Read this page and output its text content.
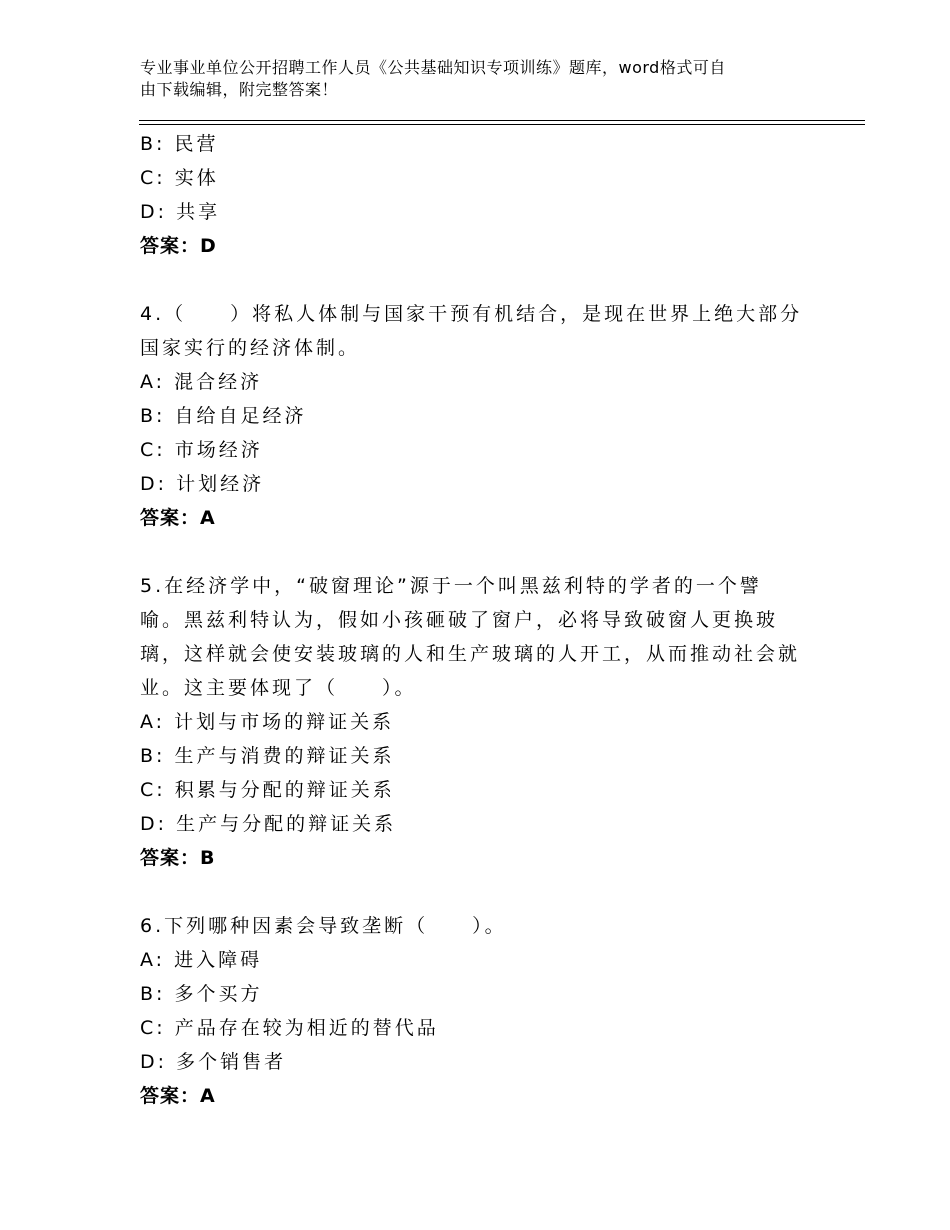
专业事业单位公开招聘工作人员《公共基础知识专项训练》题库，word格式可自
由下载编辑，附完整答案！
B: 民营
C: 实体
D: 共享
答案：D
4.（　　）将私人体制与国家干预有机结合，是现在世界上绝大部分
国家实行的经济体制。
A: 混合经济
B: 自给自足经济
C: 市场经济
D: 计划经济
答案：A
5.在经济学中，“破窗理论”源于一个叫黑兹利特的学者的一个譬
喻。黑兹利特认为，假如小孩砸破了窗户，必将导致破窗人更换玻
璃，这样就会使安装玻璃的人和生产玻璃的人开工，从而推动社会就
业。这主要体现了（　　）。
A: 计划与市场的辩证关系
B: 生产与消费的辩证关系
C: 积累与分配的辩证关系
D: 生产与分配的辩证关系
答案：B
6.下列哪种因素会导致垄断（　　）。
A: 进入障碍
B: 多个买方
C: 产品存在较为相近的替代品
D: 多个销售者
答案：A
